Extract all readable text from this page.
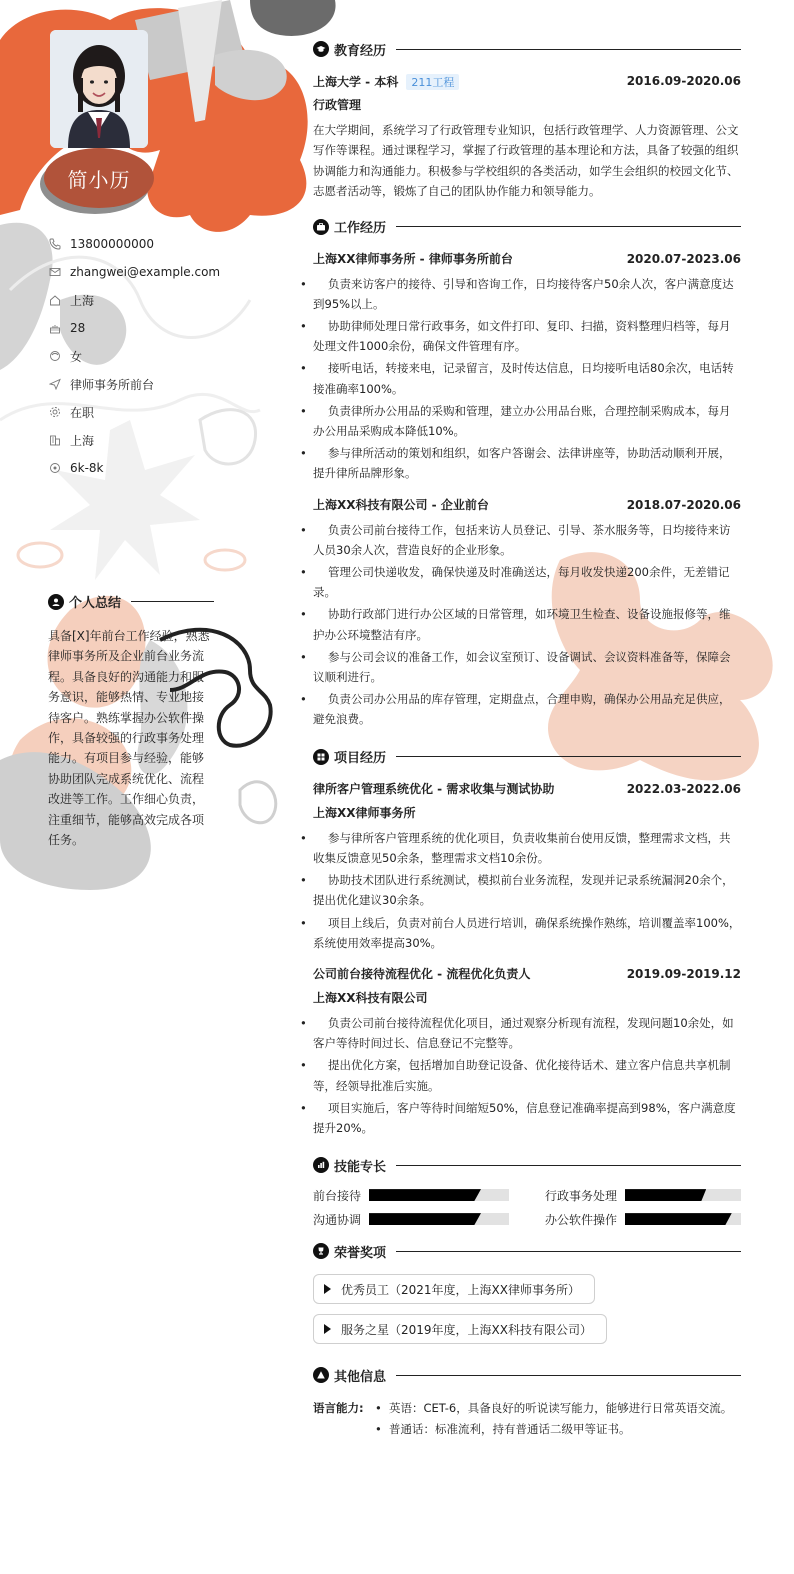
简小历
13800000000
zhangwei@example.com
上海
28
女
律师事务所前台
在职
上海
6k-8k
个人总结
具备[X]年前台工作经验，熟悉律师事务所及企业前台业务流程。具备良好的沟通能力和服务意识，能够热情、专业地接待客户。熟练掌握办公软件操作，具备较强的行政事务处理能力。有项目参与经验，能够协助团队完成系统优化、流程改进等工作。工作细心负责，注重细节，能够高效完成各项任务。
教育经历
上海大学 - 本科 211工程	2016.09-2020.06
行政管理
在大学期间，系统学习了行政管理专业知识，包括行政管理学、人力资源管理、公文写作等课程。通过课程学习，掌握了行政管理的基本理论和方法，具备了较强的组织协调能力和沟通能力。积极参与学校组织的各类活动，如学生会组织的校园文化节、志愿者活动等，锻炼了自己的团队协作能力和领导能力。
工作经历
上海XX律师事务所 - 律师事务所前台	2020.07-2023.06
• 负责来访客户的接待、引导和咨询工作，日均接待客户50余人次，客户满意度达到95%以上。
• 协助律师处理日常行政事务，如文件打印、复印、扫描，资料整理归档等，每月处理文件1000余份，确保文件管理有序。
• 接听电话，转接来电，记录留言，及时传达信息，日均接听电话80余次，电话转接准确率100%。
• 负责律所办公用品的采购和管理，建立办公用品台账，合理控制采购成本，每月办公用品采购成本降低10%。
• 参与律所活动的策划和组织，如客户答谢会、法律讲座等，协助活动顺利开展，提升律所品牌形象。
上海XX科技有限公司 - 企业前台	2018.07-2020.06
• 负责公司前台接待工作，包括来访人员登记、引导、茶水服务等，日均接待来访人员30余人次，营造良好的企业形象。
• 管理公司快递收发，确保快递及时准确送达，每月收发快递200余件，无差错记录。
• 协助行政部门进行办公区域的日常管理，如环境卫生检查、设备设施报修等，维护办公环境整洁有序。
• 参与公司会议的准备工作，如会议室预订、设备调试、会议资料准备等，保障会议顺利进行。
• 负责公司办公用品的库存管理，定期盘点，合理申购，确保办公用品充足供应，避免浪费。
项目经历
律所客户管理系统优化 - 需求收集与测试协助	2022.03-2022.06
上海XX律师事务所
• 参与律所客户管理系统的优化项目，负责收集前台使用反馈，整理需求文档，共收集反馈意见50余条，整理需求文档10余份。
• 协助技术团队进行系统测试，模拟前台业务流程，发现并记录系统漏洞20余个，提出优化建议30余条。
• 项目上线后，负责对前台人员进行培训，确保系统操作熟练，培训覆盖率100%，系统使用效率提高30%。
公司前台接待流程优化 - 流程优化负责人	2019.09-2019.12
上海XX科技有限公司
• 负责公司前台接待流程优化项目，通过观察分析现有流程，发现问题10余处，如客户等待时间过长、信息登记不完整等。
• 提出优化方案，包括增加自助登记设备、优化接待话术、建立客户信息共享机制等，经领导批准后实施。
• 项目实施后，客户等待时间缩短50%，信息登记准确率提高到98%，客户满意度提升20%。
技能专长
前台接待	行政事务处理
沟通协调	办公软件操作
荣誉奖项
优秀员工（2021年度，上海XX律师事务所）

服务之星（2019年度，上海XX科技有限公司）
其他信息
语言能力:
•	英语：CET-6，具备良好的听说读写能力，能够进行日常英语交流。
• 普通话：标准流利，持有普通话二级甲等证书。
